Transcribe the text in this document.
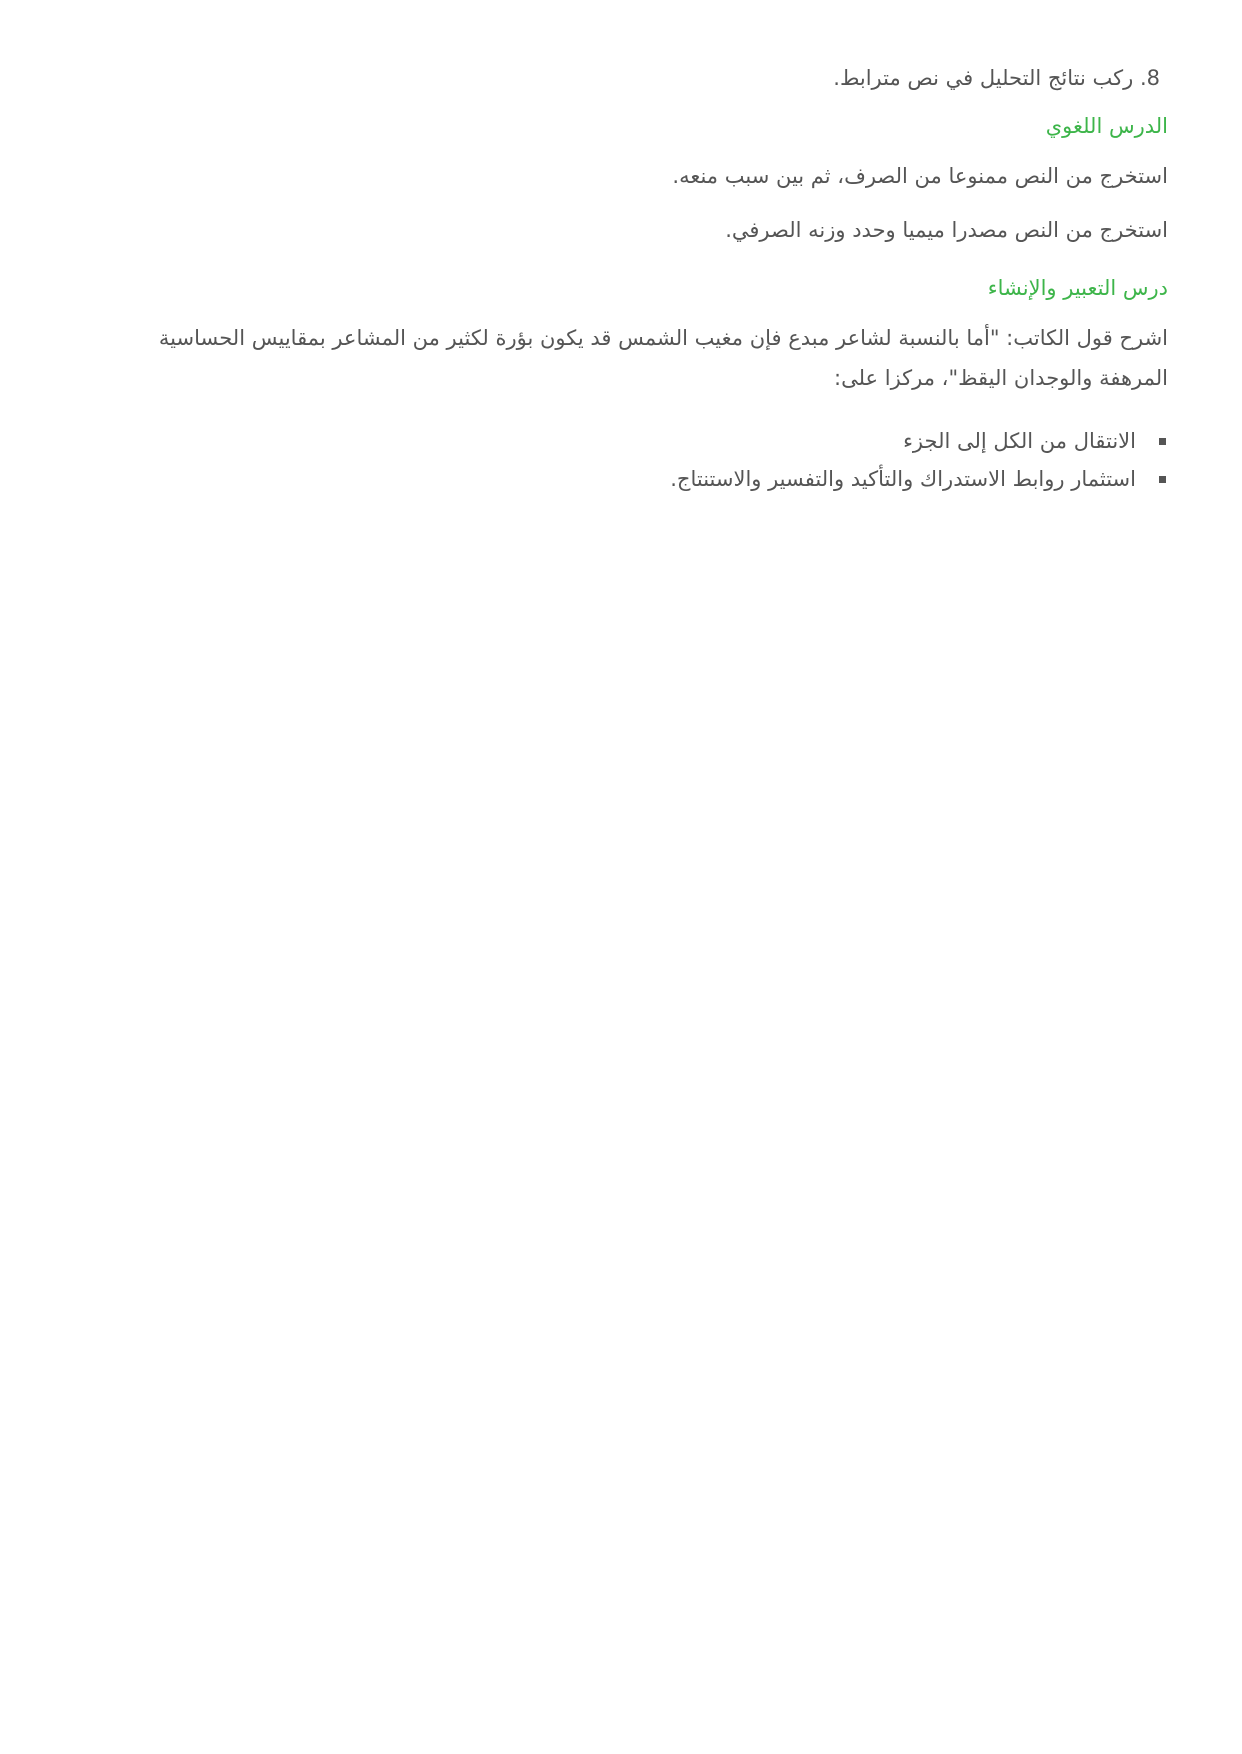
8. ركب نتائج التحليل في نص مترابط.

الدرس اللغوي

استخرج من النص ممنوعا من الصرف، ثم بين سبب منعه.

استخرج من النص مصدرا ميميا وحدد وزنه الصرفي.

درس التعبير والإنشاء

اشرح قول الكاتب: "أما بالنسبة لشاعر مبدع فإن مغيب الشمس قد يكون بؤرة لكثير من المشاعر بمقاييس الحساسية المرهفة والوجدان اليقظ"، مركزا على:

الانتقال من الكل إلى الجزء
استثمار روابط الاستدراك والتأكيد والتفسير والاستنتاج.
